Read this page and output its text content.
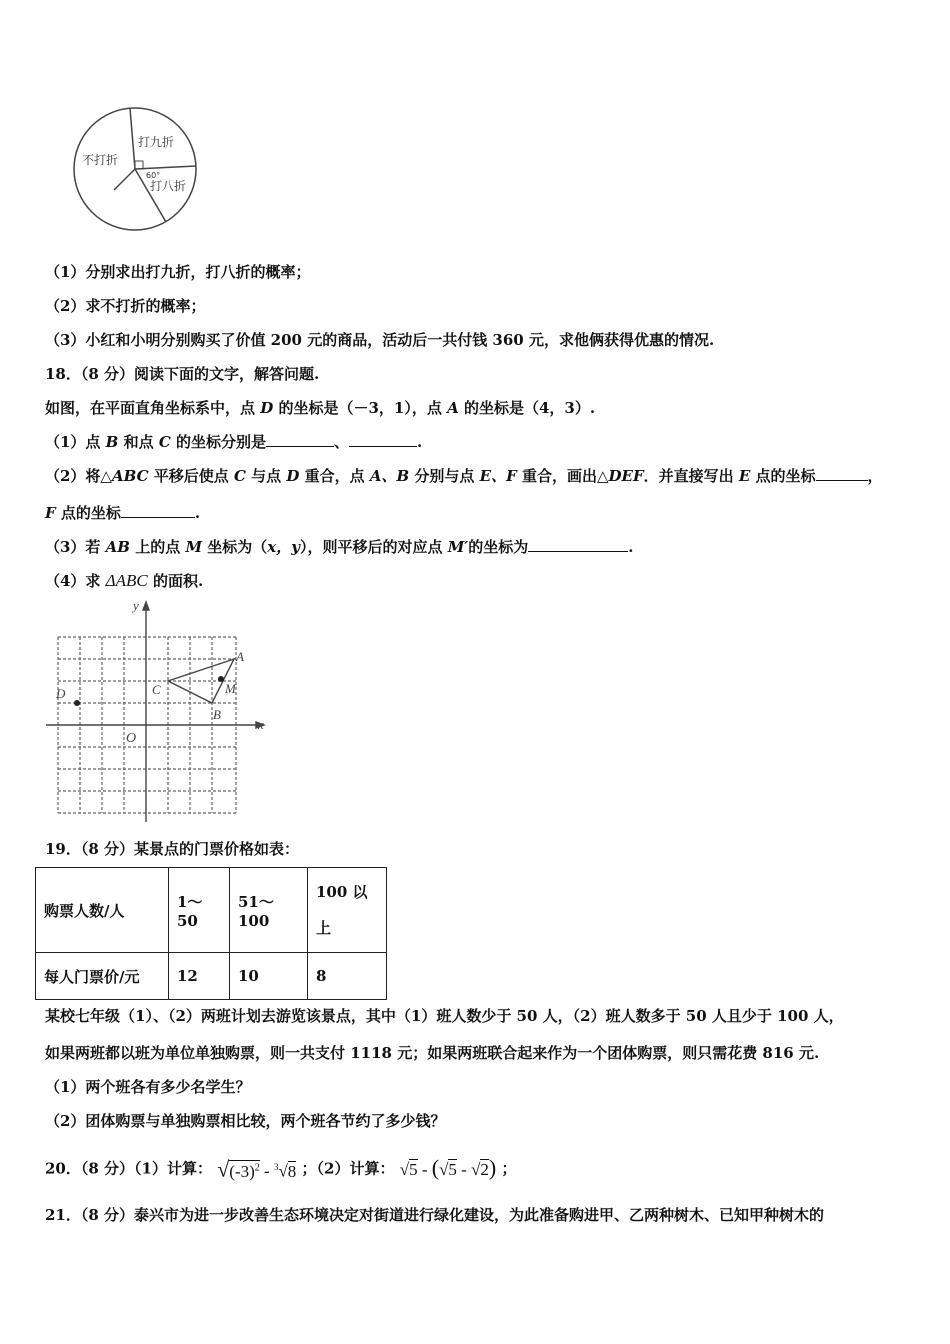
打九折
不打折
打八折
60°
（1）分别求出打九折，打八折的概率；
（2）求不打折的概率；
（3）小红和小明分别购买了价值 200 元的商品，活动后一共付钱 360 元，求他俩获得优惠的情况.
18．（8 分）阅读下面的文字，解答问题.
如图，在平面直角坐标系中，点 D 的坐标是（－3，1），点 A 的坐标是（4，3）.
（1）点 B 和点 C 的坐标分别是	、	.
（2）将△ABC 平移后使点 C 与点 D 重合，点 A、B 分别与点 E、F 重合，画出△DEF．并直接写出 E 点的坐标	，
F 点的坐标	.
（3）若 AB 上的点 M 坐标为（x，y），则平移后的对应点 M′的坐标为	.
（4）求 ΔABC 的面积.
y
x
O
A
B
C
D	M
19．（8 分）某景点的门票价格如表：
购票人数/人	1～50	51～100	100 以
上
每人门票价/元	12	10	8
某校七年级（1）、（2）两班计划去游览该景点，其中（1）班人数少于 50 人，（2）班人数多于 50 人且少于 100 人，
如果两班都以班为单位单独购票，则一共支付 1118 元；如果两班联合起来作为一个团体购票，则只需花费 816 元.
（1）两个班各有多少名学生？
（2）团体购票与单独购票相比较，两个班各节约了多少钱？
20．（8 分）（1）计算： $√(-3)^2 - ^3√8$ ；（2）计算： √5 - (√5 - √2) ；
21．（8 分）泰兴市为进一步改善生态环境决定对街道进行绿化建设，为此准备购进甲、乙两种树木、已知甲种树木的
